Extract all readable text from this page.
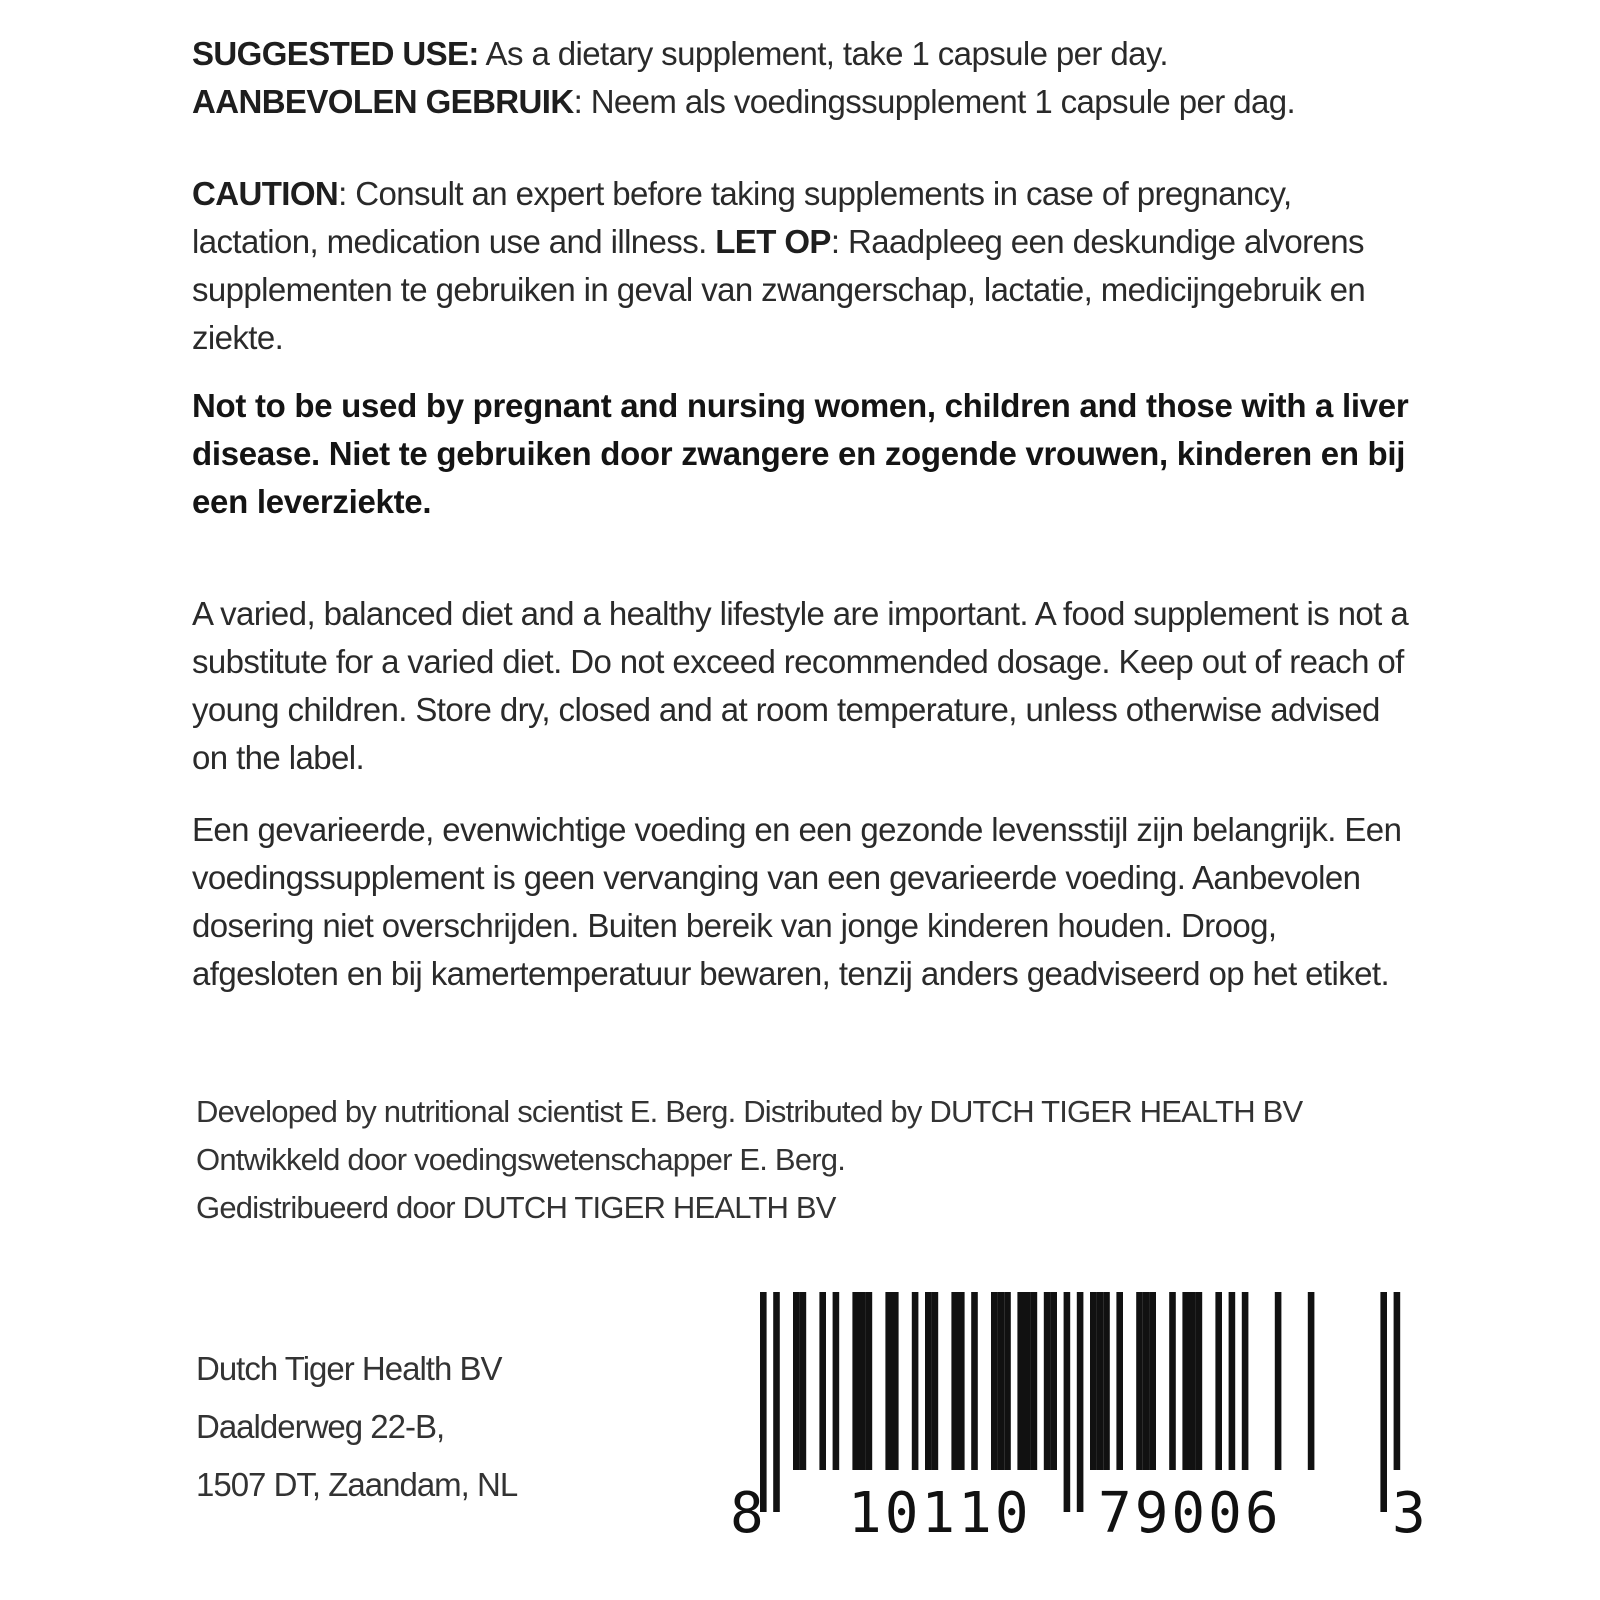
SUGGESTED USE: As a dietary supplement, take 1 capsule per day.

AANBEVOLEN GEBRUIK: Neem als voedingssupplement 1 capsule per dag.

CAUTION: Consult an expert before taking supplements in case of pregnancy, lactation, medication use and illness. LET OP: Raadpleeg een deskundige alvorens supplementen te gebruiken in geval van zwangerschap, lactatie, medicijngebruik en ziekte.

Not to be used by pregnant and nursing women, children and those with a liver disease. Niet te gebruiken door zwangere en zogende vrouwen, kinderen en bij een leverziekte.

A varied, balanced diet and a healthy lifestyle are important. A food supplement is not a substitute for a varied diet. Do not exceed recommended dosage. Keep out of reach of young children. Store dry, closed and at room temperature, unless otherwise advised on the label.

Een gevarieerde, evenwichtige voeding en een gezonde levensstijl zijn belangrijk. Een voedingssupplement is geen vervanging van een gevarieerde voeding. Aanbevolen dosering niet overschrijden. Buiten bereik van jonge kinderen houden. Droog, afgesloten en bij kamertemperatuur bewaren, tenzij anders geadviseerd op het etiket.

Developed by nutritional scientist E. Berg. Distributed by DUTCH TIGER HEALTH BV
Ontwikkeld door voedingswetenschapper E. Berg.
Gedistribueerd door DUTCH TIGER HEALTH BV
Dutch Tiger Health BV
Daalderweg 22-B,
1507 DT, Zaandam, NL	8 10110 79006 3
